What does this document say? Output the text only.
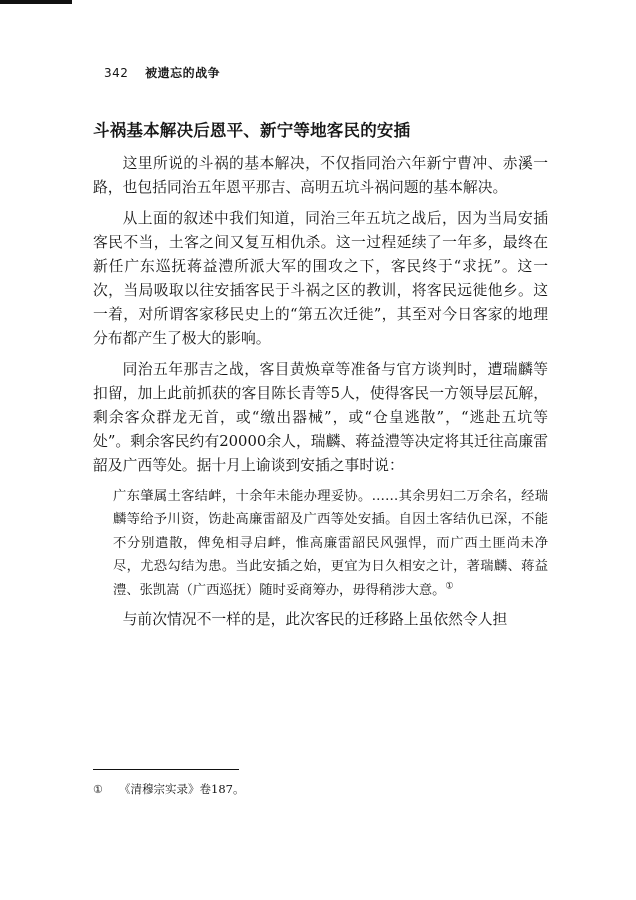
342 被遗忘的战争
斗祸基本解决后恩平、新宁等地客民的安插

这里所说的斗祸的基本解决，不仅指同治六年新宁曹冲、赤溪一路，也包括同治五年恩平那吉、高明五坑斗祸问题的基本解决。

从上面的叙述中我们知道，同治三年五坑之战后，因为当局安插客民不当，土客之间又复互相仇杀。这一过程延续了一年多，最终在新任广东巡抚蒋益澧所派大军的围攻之下，客民终于“求抚”。这一次，当局吸取以往安插客民于斗祸之区的教训，将客民远徙他乡。这一着，对所谓客家移民史上的“第五次迁徙”，其至对今日客家的地理分布都产生了极大的影响。

同治五年那吉之战，客目黄焕章等准备与官方谈判时，遭瑞麟等扣留，加上此前抓获的客目陈长青等5人，使得客民一方领导层瓦解，剩余客众群龙无首，或“缴出器械”，或“仓皇逃散”，“逃赴五坑等处”。剩余客民约有20000余人，瑞麟、蒋益澧等决定将其迁往高廉雷韶及广西等处。据十月上谕谈到安插之事时说：

广东肇属土客结衅，十余年未能办理妥协。……其余男妇二万余名，经瑞麟等给予川资，饬赴高廉雷韶及广西等处安插。自因土客结仇已深，不能不分别遣散，俾免相寻启衅，惟高廉雷韶民风强悍，而广西土匪尚未净尽，尤恐勾结为患。当此安插之始，更宜为日久相安之计，著瑞麟、蒋益澧、张凯嵩（广西巡抚）随时妥商筹办，毋得稍涉大意。①

与前次情况不一样的是，此次客民的迁移路上虽依然令人担

① 《清穆宗实录》卷187。
